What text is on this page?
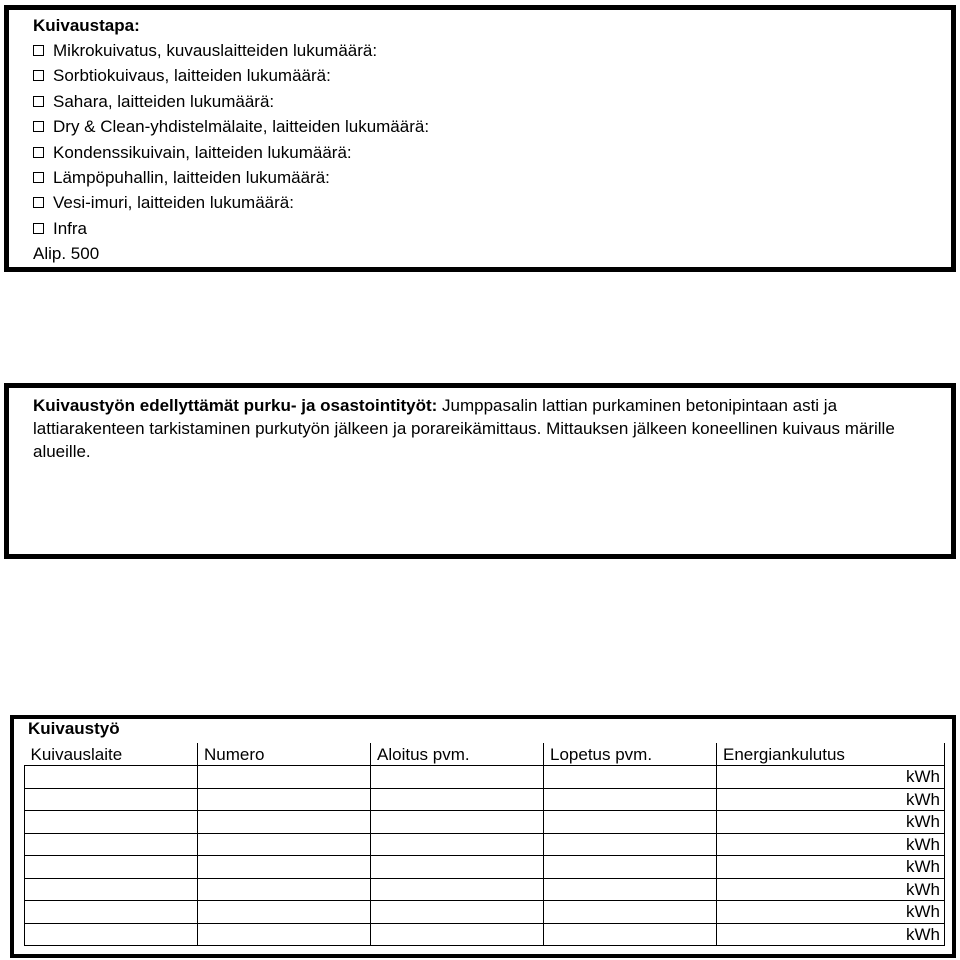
Kuivaustapa:
Mikrokuivatus, kuvauslaitteiden lukumäärä:
Sorbtiokuivaus, laitteiden lukumäärä:
Sahara, laitteiden lukumäärä:
Dry & Clean-yhdistelmälaite, laitteiden lukumäärä:
Kondenssikuivain, laitteiden lukumäärä:
Lämpöpuhallin, laitteiden lukumäärä:
Vesi-imuri, laitteiden lukumäärä:
Infra
Alip. 500
Kuivaustyön edellyttämät purku- ja osastointityöt: Jumppasalin lattian purkaminen betonipintaan asti ja lattiarakenteen tarkistaminen purkutyön jälkeen ja porareikämittaus. Mittauksen jälkeen koneellinen kuivaus märille alueille.
Kuivaustyö
Kuivauslaite	Numero	Aloitus pvm.	Lopetus pvm.	Energiankulutus
				kWh
				kWh
				kWh
				kWh
				kWh
				kWh
				kWh
				kWh
